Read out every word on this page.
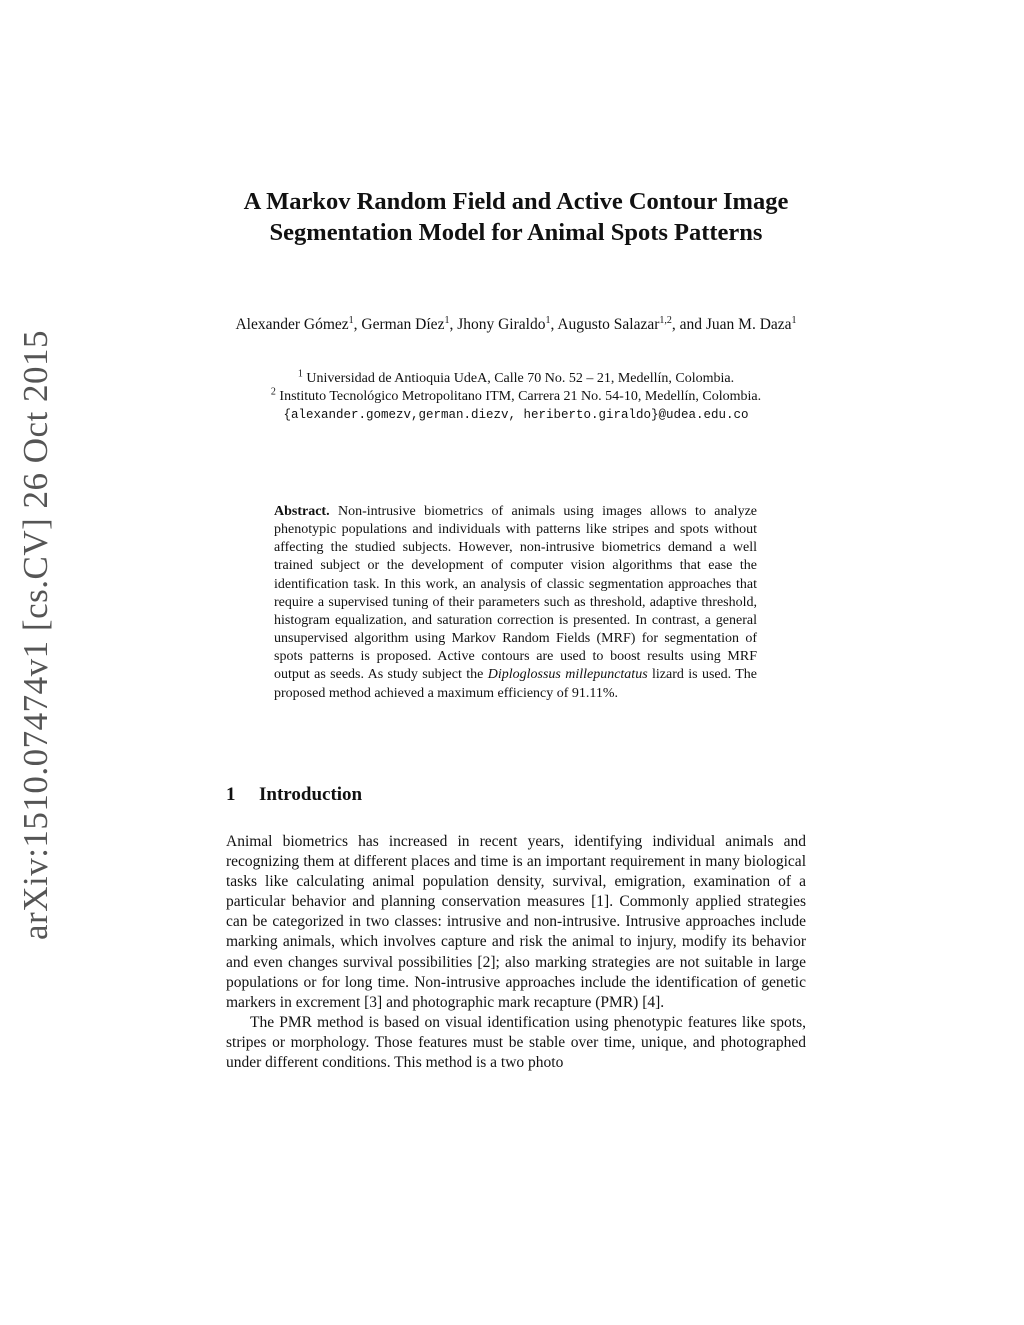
arXiv:1510.07474v1 [cs.CV] 26 Oct 2015
A Markov Random Field and Active Contour Image Segmentation Model for Animal Spots Patterns
Alexander Gómez$^1$, German Díez$^1$, Jhony Giraldo$^1$, Augusto Salazar$^{1,2}$, and Juan M. Daza$^1$
$^1$ Universidad de Antioquia UdeA, Calle 70 No. 52 – 21, Medellín, Colombia.
$^2$ Instituto Tecnológico Metropolitano ITM, Carrera 21 No. 54-10, Medellín, Colombia.
{alexander.gomezv,german.diezv, heriberto.giraldo}@udea.edu.co
Abstract. Non-intrusive biometrics of animals using images allows to analyze phenotypic populations and individuals with patterns like stripes and spots without affecting the studied subjects. However, non-intrusive biometrics demand a well trained subject or the development of computer vision algorithms that ease the identification task. In this work, an analysis of classic segmentation approaches that require a supervised tuning of their parameters such as threshold, adaptive threshold, histogram equalization, and saturation correction is presented. In contrast, a general unsupervised algorithm using Markov Random Fields (MRF) for segmentation of spots patterns is proposed. Active contours are used to boost results using MRF output as seeds. As study subject the Diploglossus millepunctatus lizard is used. The proposed method achieved a maximum efficiency of 91.11%.
1 Introduction

Animal biometrics has increased in recent years, identifying individual animals and recognizing them at different places and time is an important requirement in many biological tasks like calculating animal population density, survival, emigration, examination of a particular behavior and planning conservation measures [1]. Commonly applied strategies can be categorized in two classes: intrusive and non-intrusive. Intrusive approaches include marking animals, which involves capture and risk the animal to injury, modify its behavior and even changes survival possibilities [2]; also marking strategies are not suitable in large populations or for long time. Non-intrusive approaches include the identification of genetic markers in excrement [3] and photographic mark recapture (PMR) [4].

The PMR method is based on visual identification using phenotypic features like spots, stripes or morphology. Those features must be stable over time, unique, and photographed under different conditions. This method is a two photo
